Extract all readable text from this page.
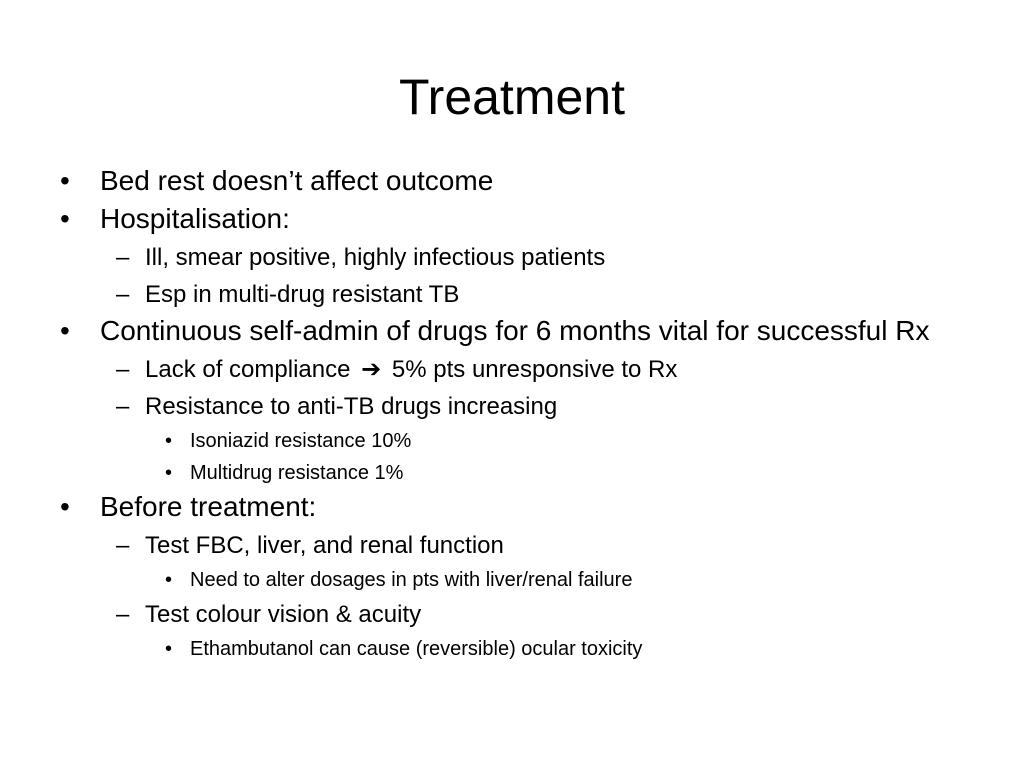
Treatment
• Bed rest doesn’t affect outcome
• Hospitalisation:
– Ill, smear positive, highly infectious patients
– Esp in multi-drug resistant TB
• Continuous self-admin of drugs for 6 months vital for successful Rx
– Lack of compliance ➔ 5% pts unresponsive to Rx
– Resistance to anti-TB drugs increasing
• Isoniazid resistance 10%
• Multidrug resistance 1%
• Before treatment:
– Test FBC, liver, and renal function
• Need to alter dosages in pts with liver/renal failure
– Test colour vision & acuity
• Ethambutanol can cause (reversible) ocular toxicity
